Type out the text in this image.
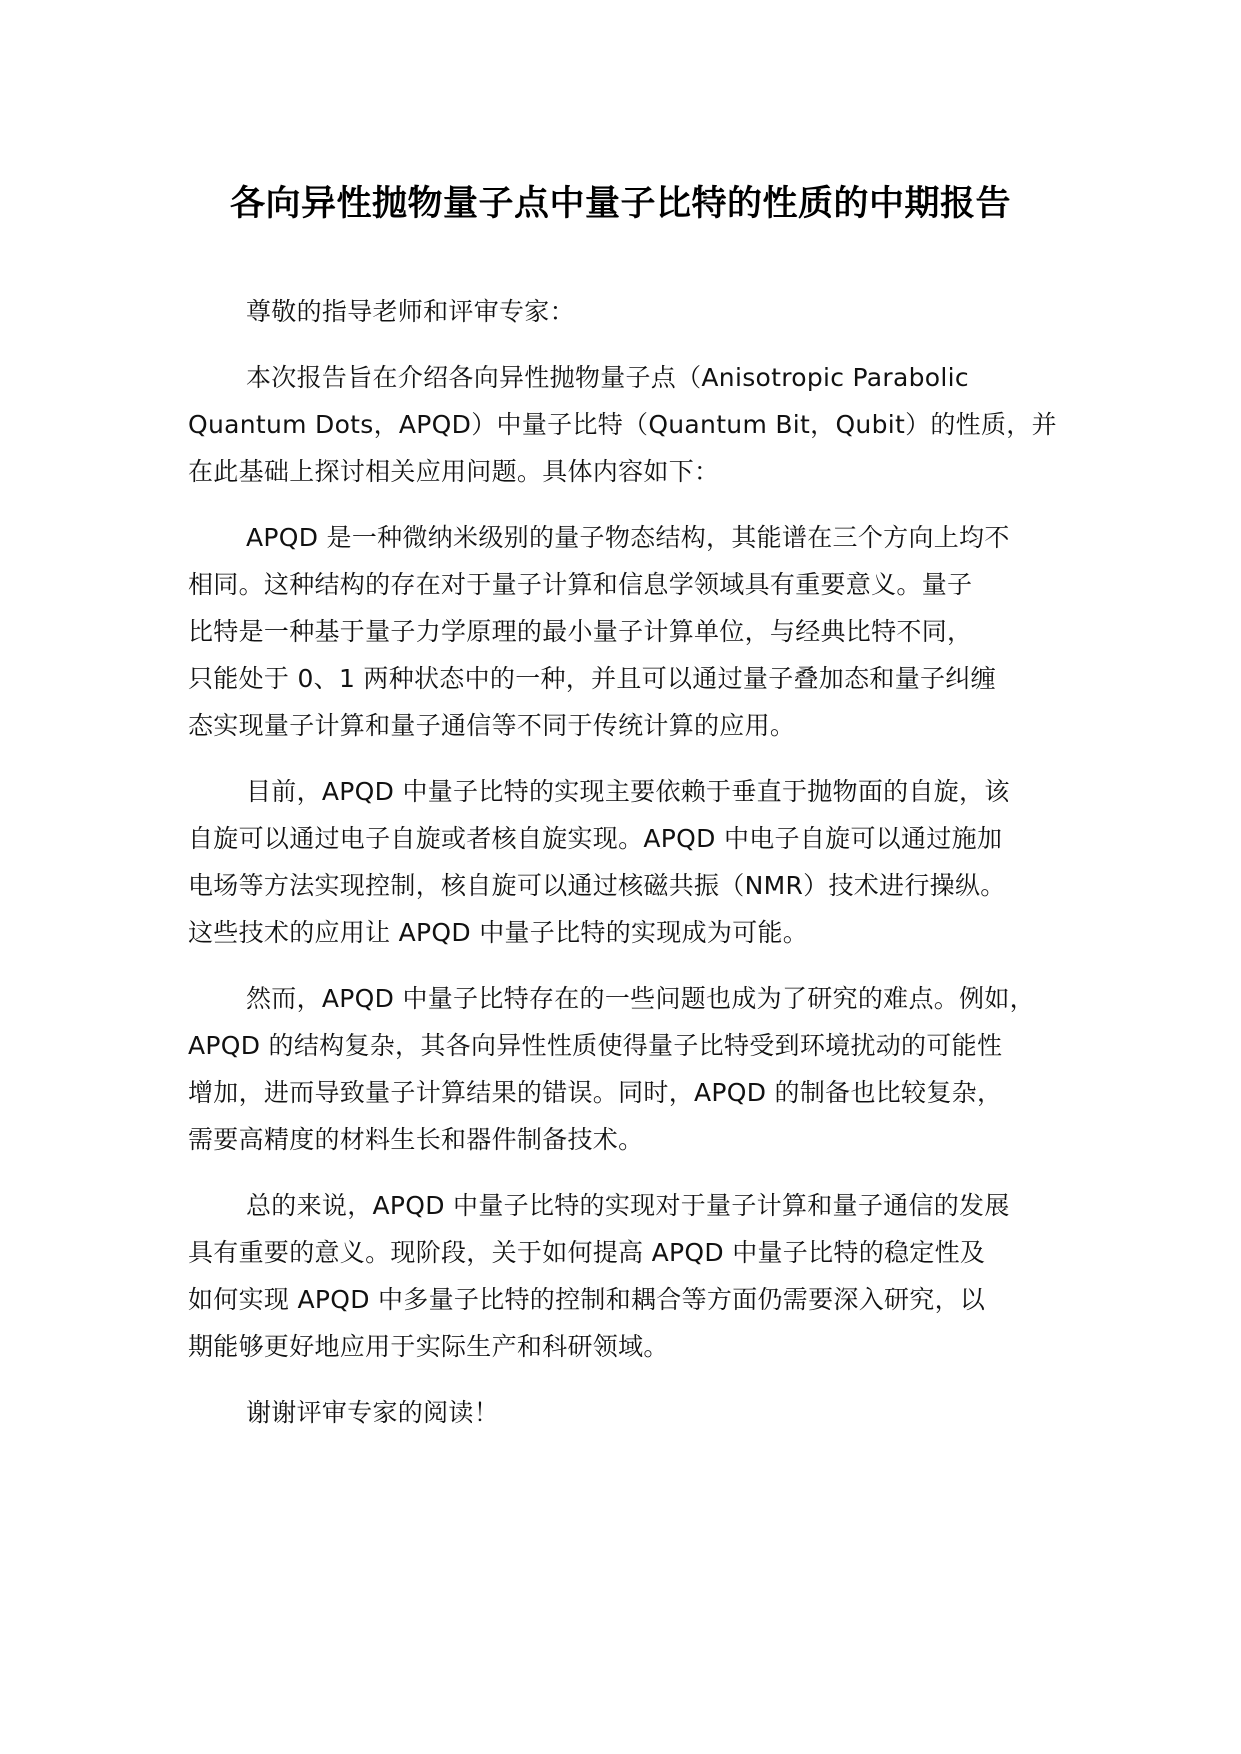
各向异性抛物量子点中量子比特的性质的中期报告

尊敬的指导老师和评审专家：

本次报告旨在介绍各向异性抛物量子点（Anisotropic Parabolic
Quantum Dots，APQD）中量子比特（Quantum Bit，Qubit）的性质，并
在此基础上探讨相关应用问题。具体内容如下：

APQD 是一种微纳米级别的量子物态结构，其能谱在三个方向上均不
相同。这种结构的存在对于量子计算和信息学领域具有重要意义。量子
比特是一种基于量子力学原理的最小量子计算单位，与经典比特不同，
只能处于 0、1 两种状态中的一种，并且可以通过量子叠加态和量子纠缠
态实现量子计算和量子通信等不同于传统计算的应用。

目前，APQD 中量子比特的实现主要依赖于垂直于抛物面的自旋，该
自旋可以通过电子自旋或者核自旋实现。APQD 中电子自旋可以通过施加
电场等方法实现控制，核自旋可以通过核磁共振（NMR）技术进行操纵。
这些技术的应用让 APQD 中量子比特的实现成为可能。

然而，APQD 中量子比特存在的一些问题也成为了研究的难点。例如，
APQD 的结构复杂，其各向异性性质使得量子比特受到环境扰动的可能性
增加，进而导致量子计算结果的错误。同时，APQD 的制备也比较复杂，
需要高精度的材料生长和器件制备技术。

总的来说，APQD 中量子比特的实现对于量子计算和量子通信的发展
具有重要的意义。现阶段，关于如何提高 APQD 中量子比特的稳定性及
如何实现 APQD 中多量子比特的控制和耦合等方面仍需要深入研究，以
期能够更好地应用于实际生产和科研领域。

谢谢评审专家的阅读！
